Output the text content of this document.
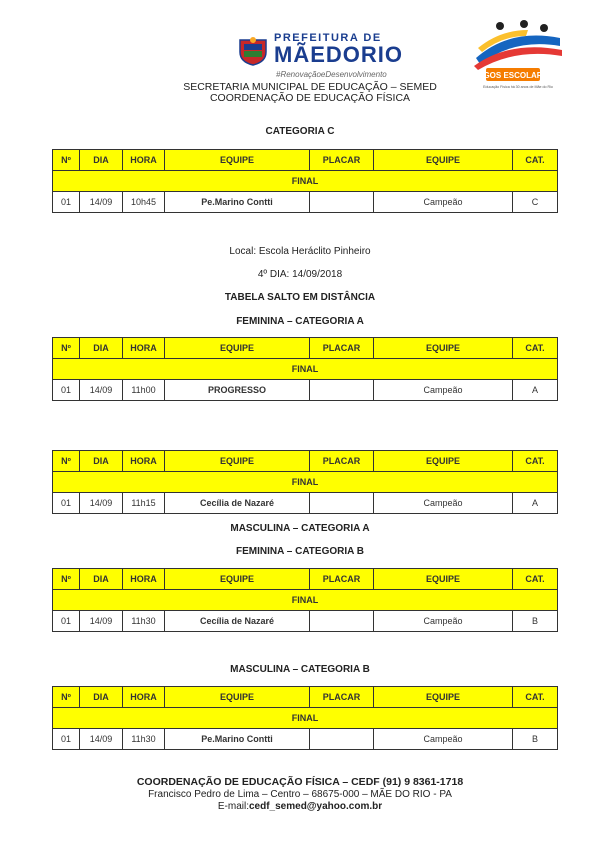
PREFEITURA DE
MÃEDORIO
#RenovaçãoeDesenvolvimento
SECRETARIA MUNICIPAL DE EDUCAÇÃO – SEMED
COORDENAÇÃO DE EDUCAÇÃO FÍSICA
JOGOS ESCOLARES
Educação Física há 30 anos de Mãe do Rio
CATEGORIA C
Nº	DIA	HORA	EQUIPE	PLACAR	EQUIPE	CAT.
FINAL						
01	14/09	10h45	Pe.Marino Contti		Campeão	C
Local: Escola Heráclito Pinheiro
4º DIA: 14/09/2018
TABELA SALTO EM DISTÂNCIA
FEMININA – CATEGORIA A
Nº	DIA	HORA	EQUIPE	PLACAR	EQUIPE	CAT.
FINAL						
01	14/09	11h00	PROGRESSO		Campeão	A
Nº	DIA	HORA	EQUIPE	PLACAR	EQUIPE	CAT.
FINAL						
01	14/09	11h15	Cecília de Nazaré		Campeão	A
MASCULINA – CATEGORIA A
FEMININA – CATEGORIA B
Nº	DIA	HORA	EQUIPE	PLACAR	EQUIPE	CAT.
FINAL						
01	14/09	11h30	Cecília de Nazaré		Campeão	B
MASCULINA – CATEGORIA B
Nº	DIA	HORA	EQUIPE	PLACAR	EQUIPE	CAT.
FINAL						
01	14/09	11h30	Pe.Marino Contti		Campeão	B
COORDENAÇÃO DE EDUCAÇÃO FÍSICA – CEDF (91) 9 8361-1718
Francisco Pedro de Lima – Centro – 68675-000 – MÃE DO RIO - PA
E-mail:cedf_semed@yahoo.com.br
